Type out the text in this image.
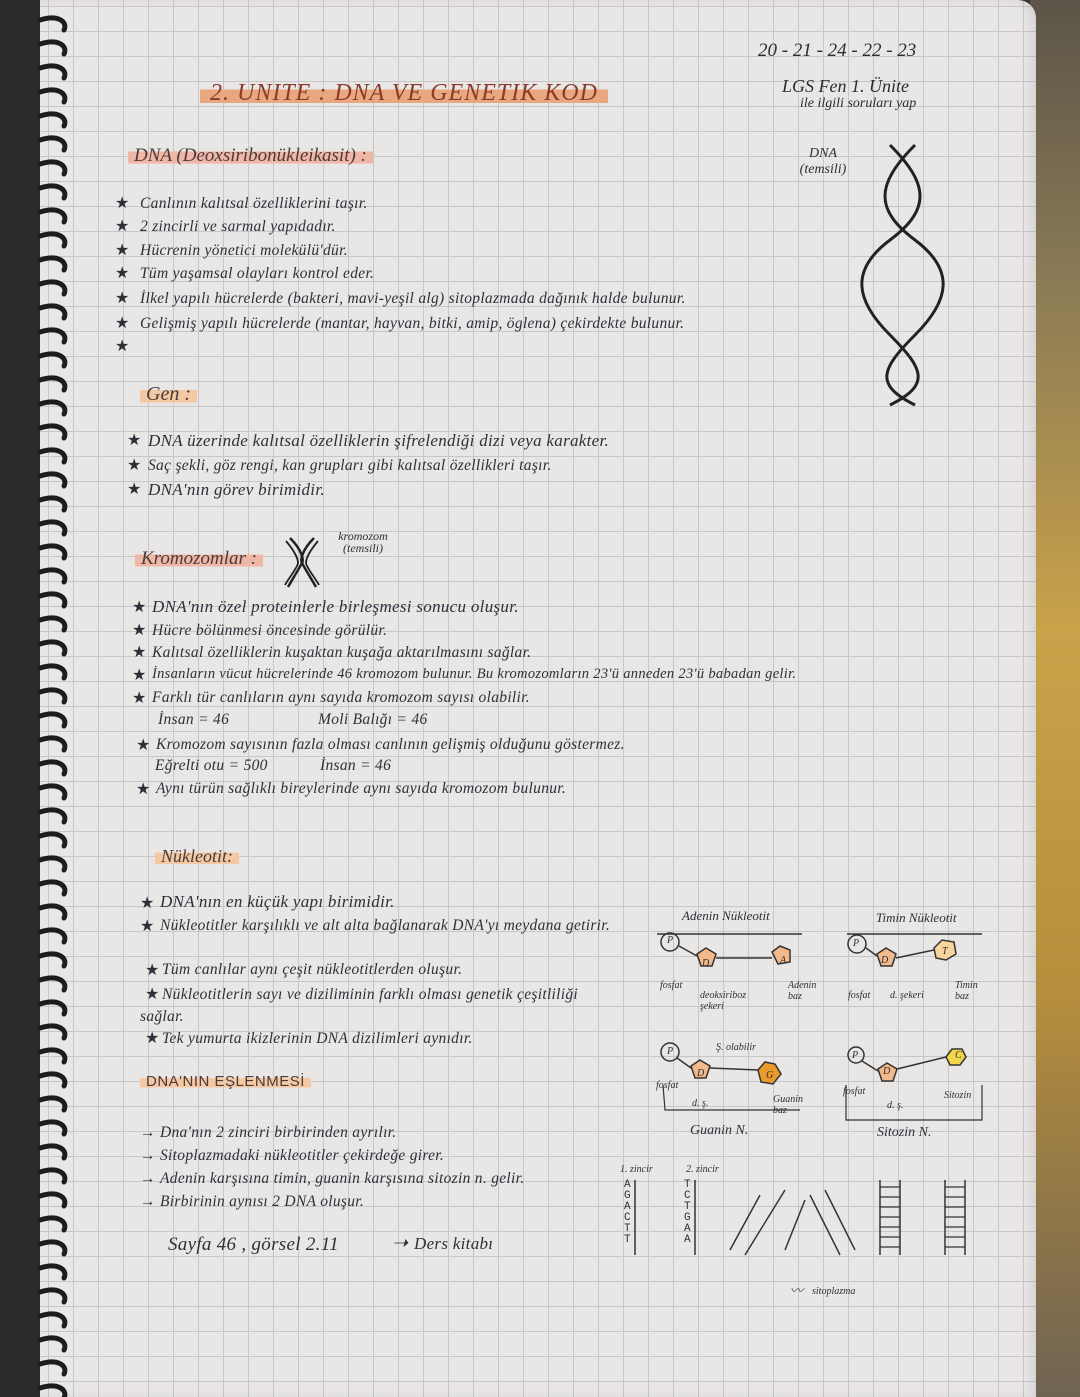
2. UNITE : DNA VE GENETIK KOD
20 - 21 - 24 - 22 - 23
LGS Fen 1. Ünite
ile ilgili soruları yap
DNA (Deoxsiribonükleikasit) :
★ Canlının kalıtsal özelliklerini taşır.
★ 2 zincirli ve sarmal yapıdadır.
★ Hücrenin yönetici molekülü'dür.
★ Tüm yaşamsal olayları kontrol eder.
★ İlkel yapılı hücrelerde (bakteri, mavi-yeşil alg) sitoplazmada dağınık halde bulunur.
★ Gelişmiş yapılı hücrelerde (mantar, hayvan, bitki, amip, öglena) çekirdekte bulunur.
★
DNA (temsili)
Gen :
★ DNA üzerinde kalıtsal özelliklerin şifrelendiği dizi veya karakter.
★ Saç şekli, göz rengi, kan grupları gibi kalıtsal özellikleri taşır.
★ DNA'nın görev birimidir.
Kromozomlar :
kromozom (temsili)
★ DNA'nın özel proteinlerle birleşmesi sonucu oluşur.
★ Hücre bölünmesi öncesinde görülür.
★ Kalıtsal özelliklerin kuşaktan kuşağa aktarılmasını sağlar.
★ İnsanların vücut hücrelerinde 46 kromozom bulunur. Bu kromozomların 23'ü anneden 23'ü babadan gelir.
★ Farklı tür canlıların aynı sayıda kromozom sayısı olabilir.
İnsan = 46	Moli Balığı = 46
★ Kromozom sayısının fazla olması canlının gelişmiş olduğunu göstermez.
Eğrelti otu = 500	İnsan = 46
★ Aynı türün sağlıklı bireylerinde aynı sayıda kromozom bulunur.
Nükleotit:
★ DNA'nın en küçük yapı birimidir.
★ Nükleotitler karşılıklı ve alt alta bağlanarak DNA'yı meydana getirir.
★ Tüm canlılar aynı çeşit nükleotitlerden oluşur.
★ Nükleotitlerin sayı ve diziliminin farklı olması genetik çeşitliliği sağlar.
★ Tek yumurta ikizlerinin DNA dizilimleri aynıdır.
Adenin Nükleotit	Timin Nükleotit
P
D	A
fosfat
deoksiriboz şekeri
Adenin baz
P
D
T
fosfat d. şekeri
Timin baz
P
D	G
Ş. olabilir
fosfat
d. ş.	Guanin baz
Guanin N.
P
D
C
fosfat
d. ş.
Sitozin
Sitozin N.
DNA'NIN EŞLENMESİ
→ Dna'nın 2 zinciri birbirinden ayrılır.
→ Sitoplazmadaki nükleotitler çekirdeğe girer.
→ Adenin karşısına timin, guanin karşısına sitozin n. gelir.
→ Birbirinin aynısı 2 DNA oluşur.
Sayfa 46 , görsel 2.11	➝ Ders kitabı
1. zincir	2. zincir
A
G
A
C
T
T
T
C
T
G
A
A
sitoplazma
〰
